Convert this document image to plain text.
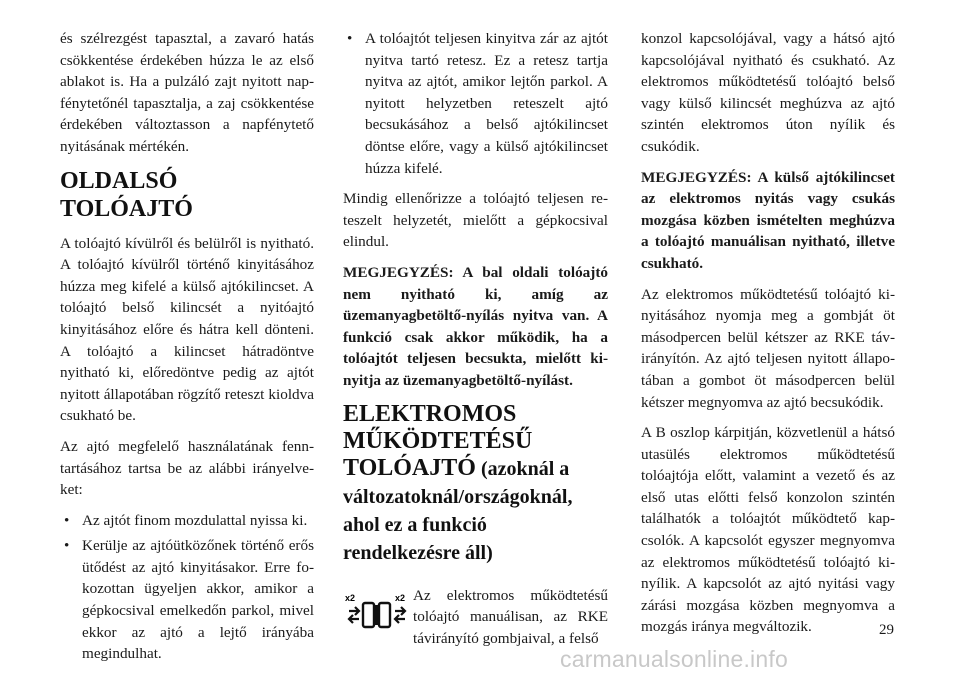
és szélrezgést tapasztal, a zavaró hatás csökkentése érdekében húzza le az első ablakot is. Ha a pulzáló zajt nyitott napfénytetőnél tapasztalja, a zaj csökkentése érdekében változtasson a napfénytető nyitásának mértékén.

OLDALSÓ TOLÓAJTÓ

A tolóajtó kívülről és belülről is nyitható. A tolóajtó kívülről történő kinyitásához húzza meg kifelé a külső ajtókilincset. A tolóajtó belső kilincsét a nyitóajtó kinyitásához előre és hátra kell dönteni. A tolóajtó a kilincset hátradöntve nyitható ki, előredöntve pedig az ajtót nyitott állapotában rögzítő reteszt kioldva csukható be.

Az ajtó megfelelő használatának fenntartásához tartsa be az alábbi irányelveket:

• Az ajtót finom mozdulattal nyissa ki.
• Kerülje az ajtóütközőnek történő erős ütődést az ajtó kinyitásakor. Erre fokozottan ügyeljen akkor, amikor a gépkocsival emelkedőn parkol, mivel ekkor az ajtó a lejtő irányába megindulhat.
• A tolóajtót teljesen kinyitva zár az ajtót nyitva tartó retesz. Ez a retesz tartja nyitva az ajtót, amikor lejtőn parkol. A nyitott helyzetben reteszelt ajtó becsukásához a belső ajtókilincset döntse előre, vagy a külső ajtókilincset húzza kifelé.

Mindig ellenőrizze a tolóajtó teljesen reteszelt helyzetét, mielőtt a gépkocsival elindul.

MEGJEGYZÉS: A bal oldali tolóajtó nem nyitható ki, amíg az üzemanyagbetöltő-nyílás nyitva van. A funkció csak akkor működik, ha a tolóajtót teljesen becsukta, mielőtt kinyitja az üzemanyagbetöltő-nyílást.

ELEKTROMOS MŰKÖDTETÉSŰ TOLÓAJTÓ (azoknál a változatoknál/országoknál, ahol ez a funkció rendelkezésre áll)
x2	x2 Az elektromos működtetésű tolóajtó manuálisan, az RKE távirányító gombjaival, a felső

konzol kapcsolójával, vagy a hátsó ajtó kapcsolójával nyitható és csukható. Az elektromos működtetésű tolóajtó belső vagy külső kilincsét meghúzva az ajtó szintén elektromos úton nyílik és csukódik.

MEGJEGYZÉS: A külső ajtókilincset az elektromos nyitás vagy csukás mozgása közben ismételten meghúzva a tolóajtó manuálisan nyitható, illetve csukható.

Az elektromos működtetésű tolóajtó kinyitásához nyomja meg a gombját öt másodpercen belül kétszer az RKE távirányítón. Az ajtó teljesen nyitott állapotában a gombot öt másodpercen belül kétszer megnyomva az ajtó becsukódik.

A B oszlop kárpitján, közvetlenül a hátsó utasülés elektromos működtetésű tolóajtója előtt, valamint a vezető és az első utas előtti felső konzolon szintén találhatók a tolóajtót működtető kapcsolók. A kapcsolót egyszer megnyomva az elektromos működtetésű tolóajtó kinyílik. A kapcsolót az ajtó nyitási vagy zárási mozgása közben megnyomva a mozgás iránya megváltozik.	29
carmanualsonline.info
